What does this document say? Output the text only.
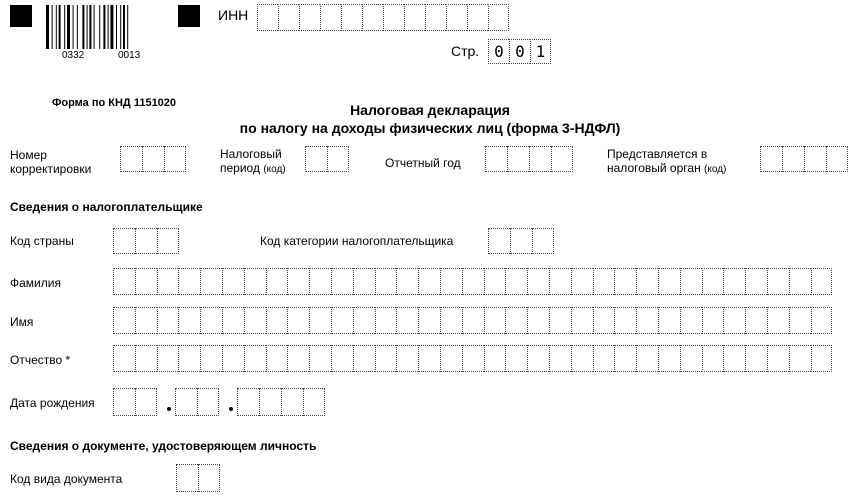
0332	0013
ИНН
Стр. 0 0 1
Форма по КНД 1151020	Налоговая декларация
по налогу на доходы физических лиц (форма 3-НДФЛ)
Номер
корректировки
Налоговый
период (код)	Отчетный год
Представляется в
налоговый орган (код)
Сведения о налогоплательщике
Код страны	Код категории налогоплательщика
Фамилия
Имя
Отчество *
Дата рождения
Сведения о документе, удостоверяющем личность
Код вида документа
